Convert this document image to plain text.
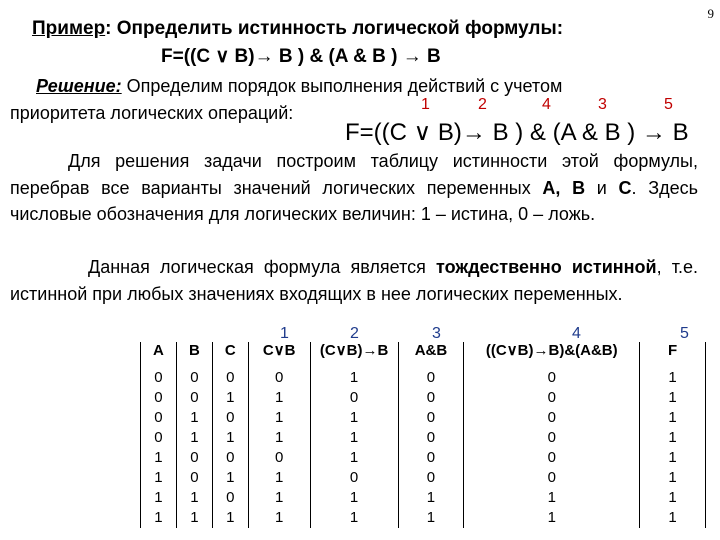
9
Пример: Определить истинность логической формулы:
F=((C ∨ B)→ B ) & (A & B ) → B
Решение: Определим порядок выполнения действий с учетом
приоритета логических операций:	1	2	4	3	5
F=((C ∨ B)→ B ) & (A & B ) → B
Для решения задачи построим таблицу истинности этой формулы, перебрав все варианты значений логических переменных A, B и C. Здесь числовые обозначения для логических величин: 1 – истина, 0 – ложь.
Данная логическая формула является тождественно истинной, т.е. истинной при любых значениях входящих в нее логических переменных.
1	2	3	4	5
A	B	C	C∨B	(C∨B)→B	A&B	((C∨B)→B)&(A&B)	F
0	0	0	0	1	0	0	1
0	0	1	1	0	0	0	1
0	1	0	1	1	0	0	1
0	1	1	1	1	0	0	1
1	0	0	0	1	0	0	1
1	0	1	1	0	0	0	1
1	1	0	1	1	1	1	1
1	1	1	1	1	1	1	1
